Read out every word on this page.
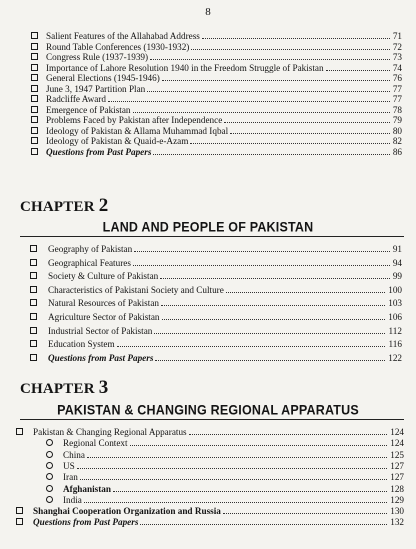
8
Salient Features of the Allahabad Address	71
Round Table Conferences (1930-1932)	72
Congress Rule (1937-1939)	73
Importance of Lahore Resolution 1940 in the Freedom Struggle of Pakistan	74
General Elections (1945-1946)	76
June 3, 1947 Partition Plan	77
Radcliffe Award	77
Emergence of Pakistan	78
Problems Faced by Pakistan after Independence	79
Ideology of Pakistan & Allama Muhammad Iqbal	80
Ideology of Pakistan & Quaid-e-Azam	82
Questions from Past Papers	86
CHAPTER 2
LAND AND PEOPLE OF PAKISTAN
Geography of Pakistan	91
Geographical Features	94
Society & Culture of Pakistan	99
Characteristics of Pakistani Society and Culture	100
Natural Resources of Pakistan	103
Agriculture Sector of Pakistan	106
Industrial Sector of Pakistan	112
Education System	116
Questions from Past Papers	122
CHAPTER 3
PAKISTAN & CHANGING REGIONAL APPARATUS
Pakistan & Changing Regional Apparatus	124
Regional Context	124
China	125
US	127
Iran	127
Afghanistan	128
India	129
Shanghai Cooperation Organization and Russia	130
Questions from Past Papers	132
